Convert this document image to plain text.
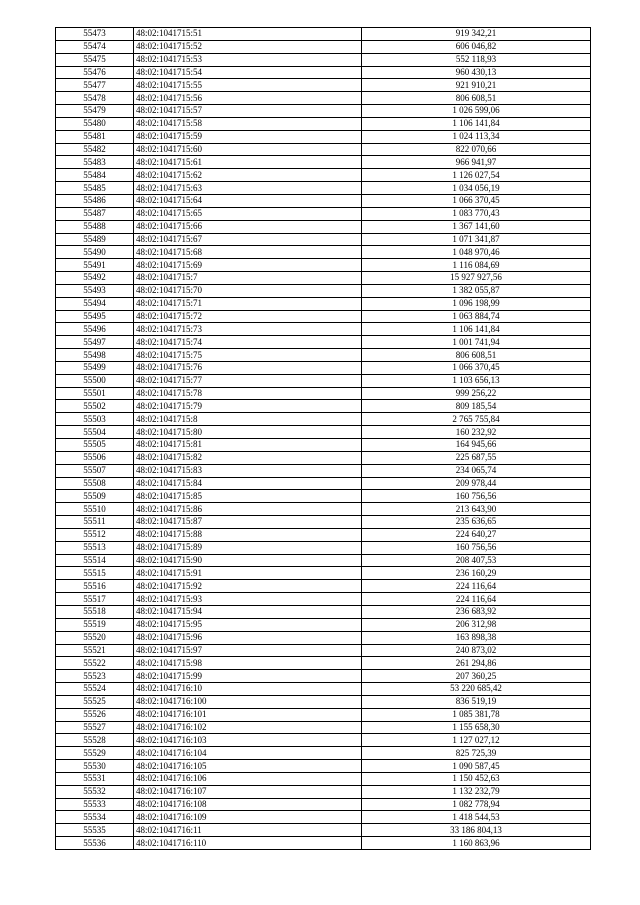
55473	48:02:1041715:51	919 342,21
55474	48:02:1041715:52	606 046,82
55475	48:02:1041715:53	552 118,93
55476	48:02:1041715:54	960 430,13
55477	48:02:1041715:55	921 910,21
55478	48:02:1041715:56	806 608,51
55479	48:02:1041715:57	1 026 599,06
55480	48:02:1041715:58	1 106 141,84
55481	48:02:1041715:59	1 024 113,34
55482	48:02:1041715:60	822 070,66
55483	48:02:1041715:61	966 941,97
55484	48:02:1041715:62	1 126 027,54
55485	48:02:1041715:63	1 034 056,19
55486	48:02:1041715:64	1 066 370,45
55487	48:02:1041715:65	1 083 770,43
55488	48:02:1041715:66	1 367 141,60
55489	48:02:1041715:67	1 071 341,87
55490	48:02:1041715:68	1 048 970,46
55491	48:02:1041715:69	1 116 084,69
55492	48:02:1041715:7	15 927 927,56
55493	48:02:1041715:70	1 382 055,87
55494	48:02:1041715:71	1 096 198,99
55495	48:02:1041715:72	1 063 884,74
55496	48:02:1041715:73	1 106 141,84
55497	48:02:1041715:74	1 001 741,94
55498	48:02:1041715:75	806 608,51
55499	48:02:1041715:76	1 066 370,45
55500	48:02:1041715:77	1 103 656,13
55501	48:02:1041715:78	999 256,22
55502	48:02:1041715:79	809 185,54
55503	48:02:1041715:8	2 765 755,84
55504	48:02:1041715:80	160 232,92
55505	48:02:1041715:81	164 945,66
55506	48:02:1041715:82	225 687,55
55507	48:02:1041715:83	234 065,74
55508	48:02:1041715:84	209 978,44
55509	48:02:1041715:85	160 756,56
55510	48:02:1041715:86	213 643,90
55511	48:02:1041715:87	235 636,65
55512	48:02:1041715:88	224 640,27
55513	48:02:1041715:89	160 756,56
55514	48:02:1041715:90	208 407,53
55515	48:02:1041715:91	236 160,29
55516	48:02:1041715:92	224 116,64
55517	48:02:1041715:93	224 116,64
55518	48:02:1041715:94	236 683,92
55519	48:02:1041715:95	206 312,98
55520	48:02:1041715:96	163 898,38
55521	48:02:1041715:97	240 873,02
55522	48:02:1041715:98	261 294,86
55523	48:02:1041715:99	207 360,25
55524	48:02:1041716:10	53 220 685,42
55525	48:02:1041716:100	836 519,19
55526	48:02:1041716:101	1 085 381,78
55527	48:02:1041716:102	1 155 658,30
55528	48:02:1041716:103	1 127 027,12
55529	48:02:1041716:104	825 725,39
55530	48:02:1041716:105	1 090 587,45
55531	48:02:1041716:106	1 150 452,63
55532	48:02:1041716:107	1 132 232,79
55533	48:02:1041716:108	1 082 778,94
55534	48:02:1041716:109	1 418 544,53
55535	48:02:1041716:11	33 186 804,13
55536	48:02:1041716:110	1 160 863,96
